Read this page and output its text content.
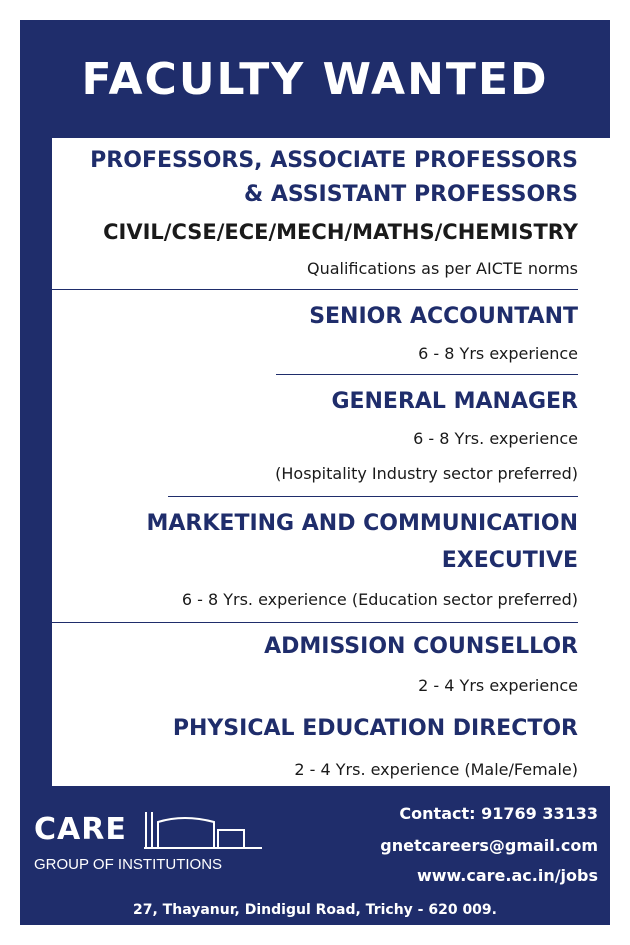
FACULTY WANTED
PROFESSORS, ASSOCIATE PROFESSORS
& ASSISTANT PROFESSORS
CIVIL/CSE/ECE/MECH/MATHS/CHEMISTRY
Qualifications as per AICTE norms
SENIOR ACCOUNTANT
6 - 8 Yrs experience
GENERAL MANAGER
6 - 8 Yrs. experience
(Hospitality Industry sector preferred)
MARKETING AND COMMUNICATION
EXECUTIVE
6 - 8 Yrs. experience (Education sector preferred)
ADMISSION COUNSELLOR
2 - 4 Yrs experience
PHYSICAL EDUCATION DIRECTOR
2 - 4 Yrs. experience (Male/Female)
CARE
GROUP OF INSTITUTIONS
Contact: 91769 33133
gnetcareers@gmail.com
www.care.ac.in/jobs
27, Thayanur, Dindigul Road, Trichy - 620 009.
